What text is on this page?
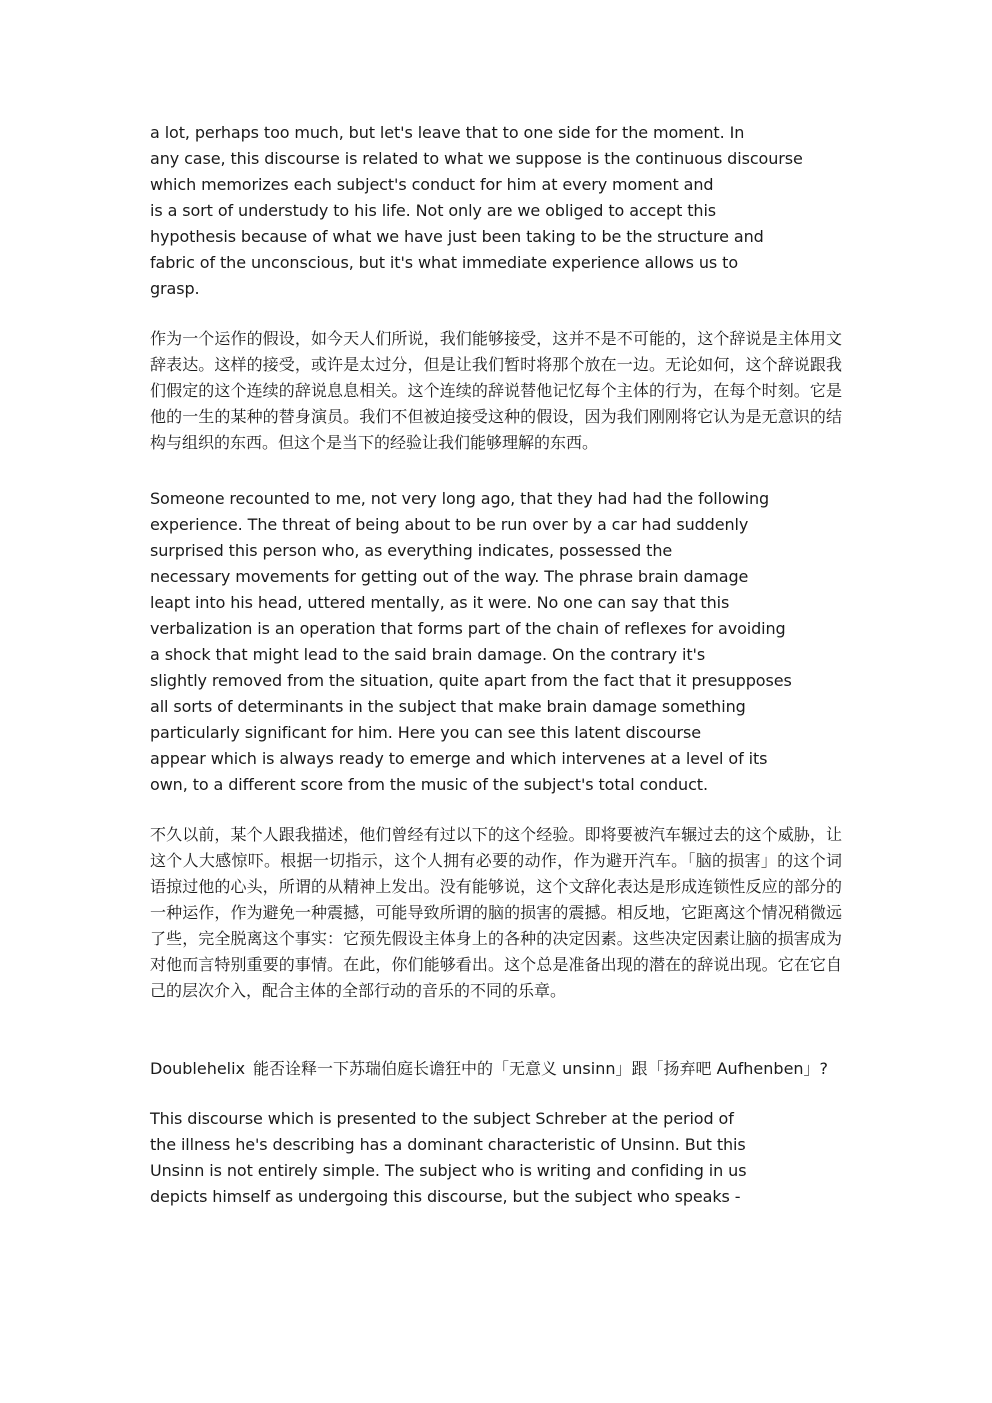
a lot, perhaps too much, but let's leave that to one side for the moment. In
any case, this discourse is related to what we suppose is the continuous discourse
which memorizes each subject's conduct for him at every moment and
is a sort of understudy to his life. Not only are we obliged to accept this
hypothesis because of what we have just been taking to be the structure and
fabric of the unconscious, but it's what immediate experience allows us to
grasp.

作为一个运作的假设，如今天人们所说，我们能够接受，这并不是不可能的，这个辞说是主体用文辞表达。这样的接受，或许是太过分，但是让我们暂时将那个放在一边。无论如何，这个辞说跟我们假定的这个连续的辞说息息相关。这个连续的辞说替他记忆每个主体的行为，在每个时刻。它是他的一生的某种的替身演员。我们不但被迫接受这种的假设，因为我们刚刚将它认为是无意识的结构与组织的东西。但这个是当下的经验让我们能够理解的东西。

Someone recounted to me, not very long ago, that they had had the following
experience. The threat of being about to be run over by a car had suddenly
surprised this person who, as everything indicates, possessed the
necessary movements for getting out of the way. The phrase brain damage
leapt into his head, uttered mentally, as it were. No one can say that this
verbalization is an operation that forms part of the chain of reflexes for avoiding
a shock that might lead to the said brain damage. On the contrary it's
slightly removed from the situation, quite apart from the fact that it presupposes
all sorts of determinants in the subject that make brain damage something
particularly significant for him. Here you can see this latent discourse
appear which is always ready to emerge and which intervenes at a level of its
own, to a different score from the music of the subject's total conduct.

不久以前，某个人跟我描述，他们曾经有过以下的这个经验。即将要被汽车辗过去的这个威胁，让这个人大感惊吓。根据一切指示，这个人拥有必要的动作，作为避开汽车。「脑的损害」的这个词语掠过他的心头，所谓的从精神上发出。没有能够说，这个文辞化表达是形成连锁性反应的部分的一种运作，作为避免一种震撼，可能导致所谓的脑的损害的震撼。相反地，它距离这个情况稍微远了些，完全脱离这个事实：它预先假设主体身上的各种的决定因素。这些决定因素让脑的损害成为对他而言特别重要的事情。在此，你们能够看出。这个总是准备出现的潜在的辞说出现。它在它自己的层次介入，配合主体的全部行动的音乐的不同的乐章。

Doublehelix 能否诠释一下苏瑞伯庭长谵狂中的「无意义 unsinn」跟「扬弃吧 Aufhenben」?
This discourse which is presented to the subject Schreber at the period of
the illness he's describing has a dominant characteristic of Unsinn. But this
Unsinn is not entirely simple. The subject who is writing and confiding in us
depicts himself as undergoing this discourse, but the subject who speaks -
